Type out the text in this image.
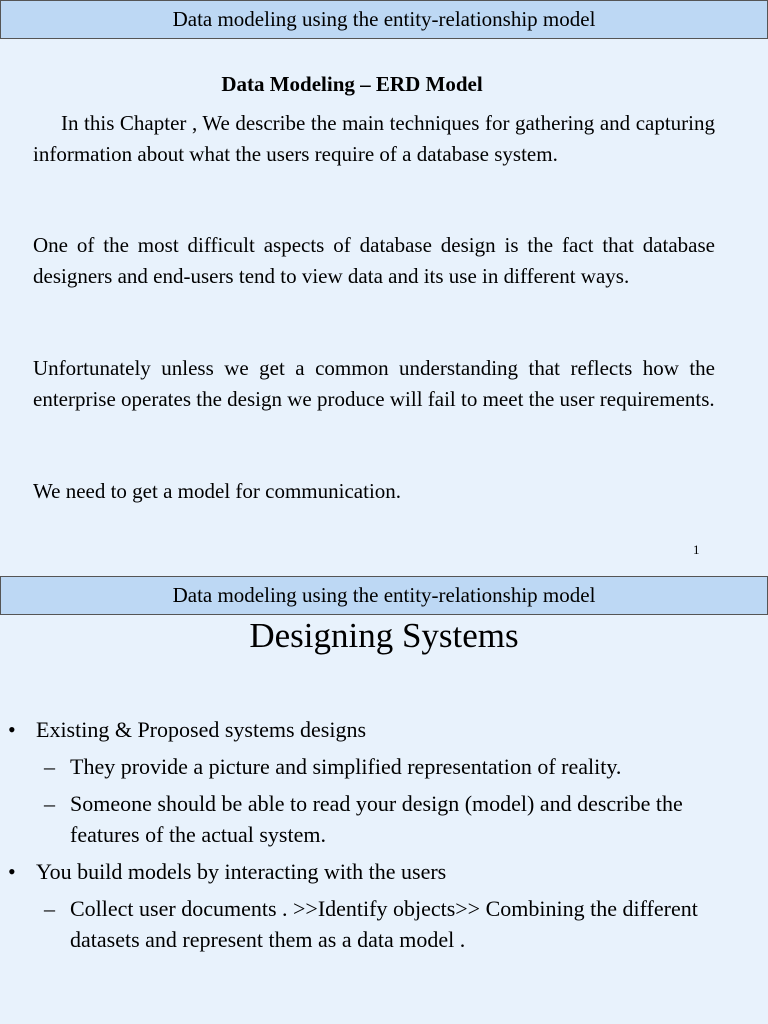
Data modeling using the entity-relationship model
Data Modeling – ERD Model
In this Chapter , We describe the main techniques for gathering and capturing information about what the users require of a database system.
One of the most difficult aspects of database design is the fact that database designers and end-users tend to view data and its use in different ways.
Unfortunately unless we get a common understanding that reflects how the enterprise operates the design we produce will fail to meet the user requirements.
We need to get a model for communication.
1
Data modeling using the entity-relationship model
Designing Systems
• Existing & Proposed systems designs
– They provide a picture and simplified representation of reality.
– Someone should be able to read your design (model) and describe the features of the actual system.
• You build models by interacting with the users
– Collect user documents . >>Identify objects>> Combining the different datasets and represent them as a data model .
